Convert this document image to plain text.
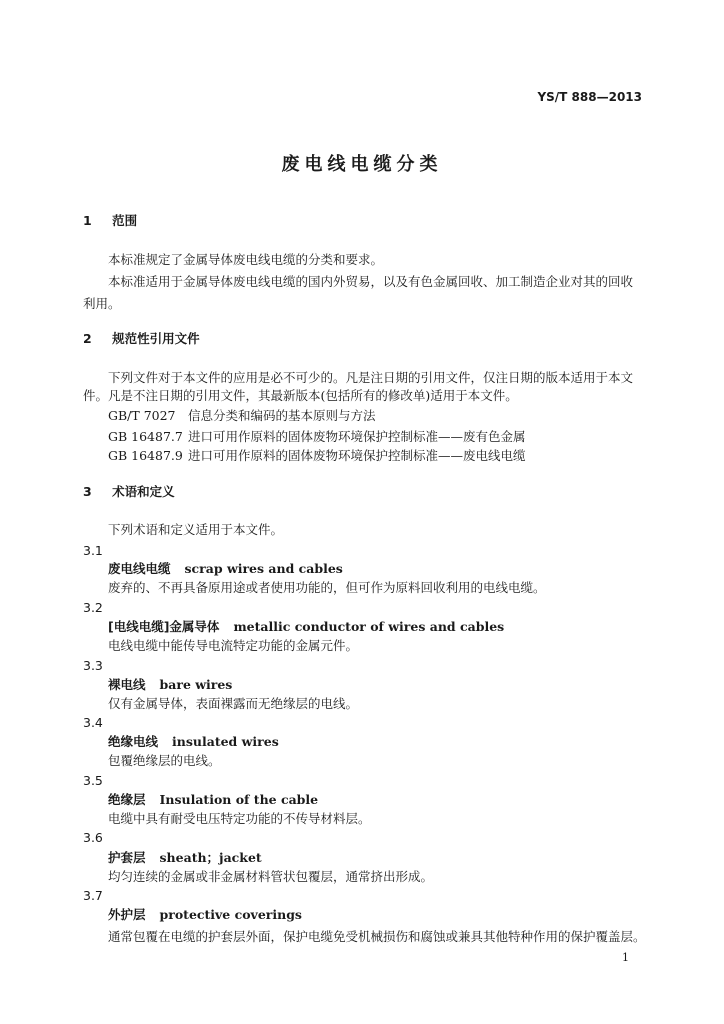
YS/T 888—2013
废电线电缆分类
1 范围
本标准规定了金属导体废电线电缆的分类和要求。
本标准适用于金属导体废电线电缆的国内外贸易，以及有色金属回收、加工制造企业对其的回收
利用。
2 规范性引用文件
下列文件对于本文件的应用是必不可少的。凡是注日期的引用文件，仅注日期的版本适用于本文
件。凡是不注日期的引用文件，其最新版本(包括所有的修改单)适用于本文件。
GB/T 7027 信息分类和编码的基本原则与方法
GB 16487.7 进口可用作原料的固体废物环境保护控制标准——废有色金属
GB 16487.9 进口可用作原料的固体废物环境保护控制标准——废电线电缆
3 术语和定义
下列术语和定义适用于本文件。
3.1
废电线电缆 scrap wires and cables
废弃的、不再具备原用途或者使用功能的，但可作为原料回收利用的电线电缆。
3.2
[电线电缆]金属导体 metallic conductor of wires and cables
电线电缆中能传导电流特定功能的金属元件。
3.3
裸电线 bare wires
仅有金属导体，表面裸露而无绝缘层的电线。
3.4
绝缘电线 insulated wires
包覆绝缘层的电线。
3.5
绝缘层 Insulation of the cable
电缆中具有耐受电压特定功能的不传导材料层。
3.6
护套层 sheath；jacket
均匀连续的金属或非金属材料管状包覆层，通常挤出形成。
3.7
外护层 protective coverings
通常包覆在电缆的护套层外面，保护电缆免受机械损伤和腐蚀或兼具其他特种作用的保护覆盖层。
1
